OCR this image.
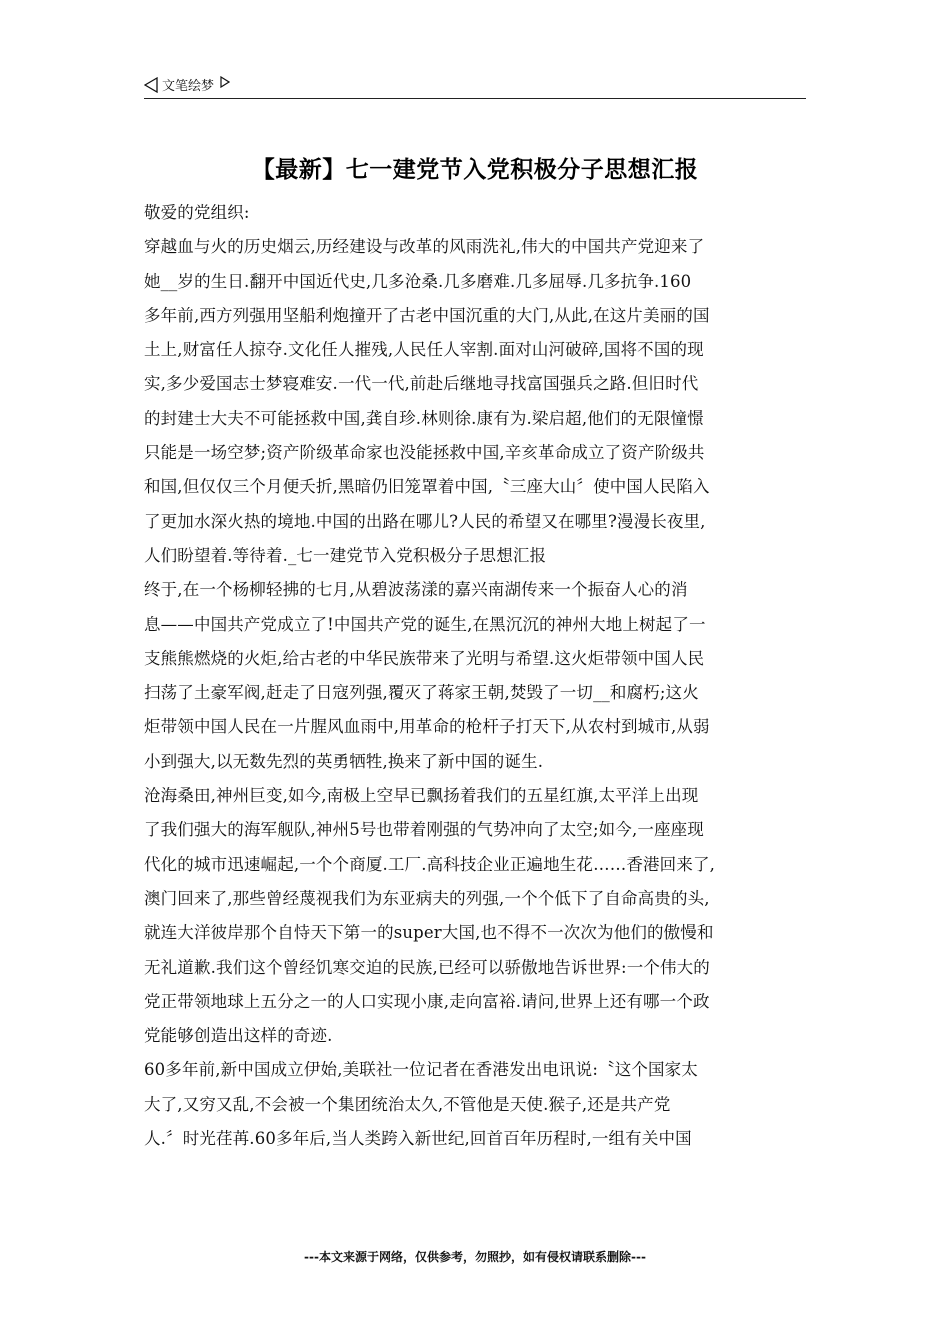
文笔绘梦
【最新】七一建党节入党积极分子思想汇报
敬爱的党组织:
穿越血与火的历史烟云,历经建设与改革的风雨洗礼,伟大的中国共产党迎来了
她__岁的生日.翻开中国近代史,几多沧桑.几多磨难.几多屈辱.几多抗争.160
多年前,西方列强用坚船利炮撞开了古老中国沉重的大门,从此,在这片美丽的国
土上,财富任人掠夺.文化任人摧残,人民任人宰割.面对山河破碎,国将不国的现
实,多少爱国志士梦寝难安.一代一代,前赴后继地寻找富国强兵之路.但旧时代
的封建士大夫不可能拯救中国,龚自珍.林则徐.康有为.梁启超,他们的无限憧憬
只能是一场空梦;资产阶级革命家也没能拯救中国,辛亥革命成立了资产阶级共
和国,但仅仅三个月便夭折,黑暗仍旧笼罩着中国,〝三座大山〞使中国人民陷入
了更加水深火热的境地.中国的出路在哪儿?人民的希望又在哪里?漫漫长夜里,
人们盼望着.等待着._七一建党节入党积极分子思想汇报
终于,在一个杨柳轻拂的七月,从碧波荡漾的嘉兴南湖传来一个振奋人心的消
息——中国共产党成立了!中国共产党的诞生,在黑沉沉的神州大地上树起了一
支熊熊燃烧的火炬,给古老的中华民族带来了光明与希望.这火炬带领中国人民
扫荡了土豪军阀,赶走了日寇列强,覆灭了蒋家王朝,焚毁了一切__和腐朽;这火
炬带领中国人民在一片腥风血雨中,用革命的枪杆子打天下,从农村到城市,从弱
小到强大,以无数先烈的英勇牺牲,换来了新中国的诞生.
沧海桑田,神州巨变,如今,南极上空早已飘扬着我们的五星红旗,太平洋上出现
了我们强大的海军舰队,神州5号也带着刚强的气势冲向了太空;如今,一座座现
代化的城市迅速崛起,一个个商厦.工厂.高科技企业正遍地生花……香港回来了,
澳门回来了,那些曾经蔑视我们为东亚病夫的列强,一个个低下了自命高贵的头,
就连大洋彼岸那个自恃天下第一的super大国,也不得不一次次为他们的傲慢和
无礼道歉.我们这个曾经饥寒交迫的民族,已经可以骄傲地告诉世界:一个伟大的
党正带领地球上五分之一的人口实现小康,走向富裕.请问,世界上还有哪一个政
党能够创造出这样的奇迹.
60多年前,新中国成立伊始,美联社一位记者在香港发出电讯说:〝这个国家太
大了,又穷又乱,不会被一个集团统治太久,不管他是天使.猴子,还是共产党
人.〞时光荏苒.60多年后,当人类跨入新世纪,回首百年历程时,一组有关中国
---本文来源于网络，仅供参考，勿照抄，如有侵权请联系删除---
